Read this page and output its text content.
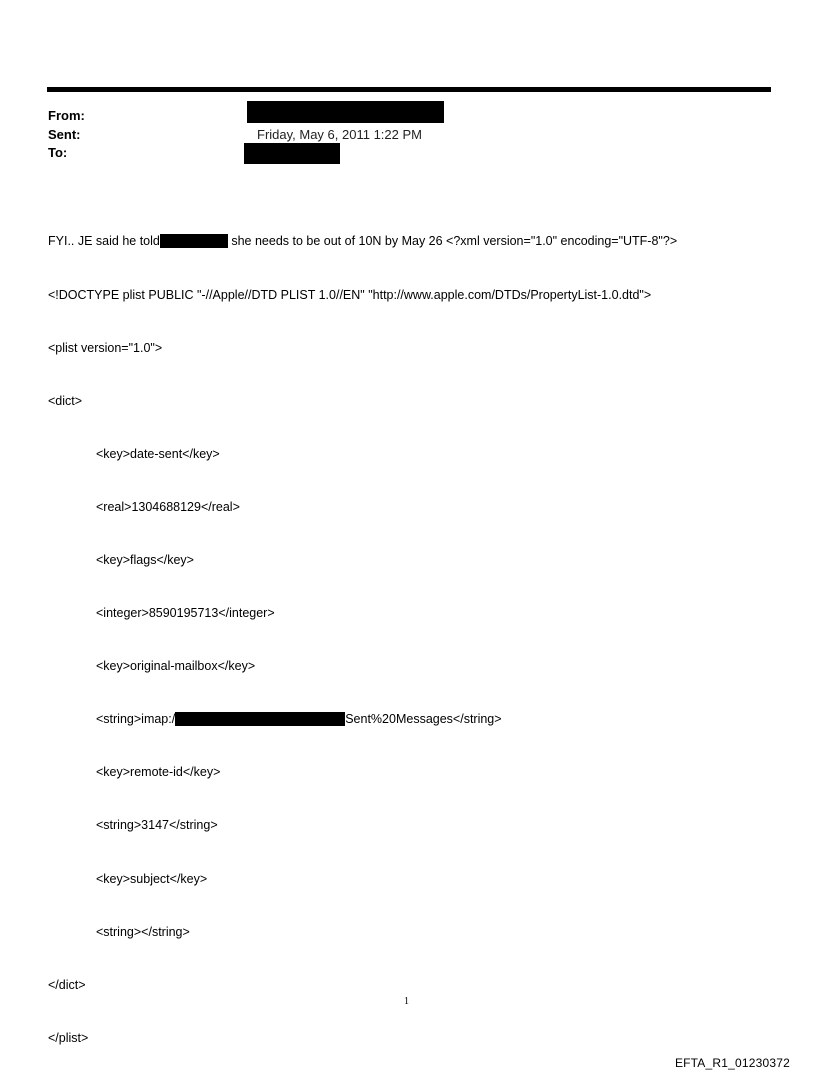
From:
Sent:	Friday, May 6, 2011 1:22 PM
To:

FYI.. JE said he told	she needs to be out of 10N by May 26 <?xml version="1.0" encoding="UTF-8"?>

<!DOCTYPE plist PUBLIC "-//Apple//DTD PLIST 1.0//EN" "http://www.apple.com/DTDs/PropertyList-1.0.dtd">

<plist version="1.0">

<dict>

<key>date-sent</key>

<real>1304688129</real>

<key>flags</key>

<integer>8590195713</integer>

<key>original-mailbox</key>

<string>imap:/	Sent%20Messages</string>

<key>remote-id</key>

<string>3147</string>

<key>subject</key>

<string></string>

</dict>

</plist>

1
EFTA_R1_01230372
